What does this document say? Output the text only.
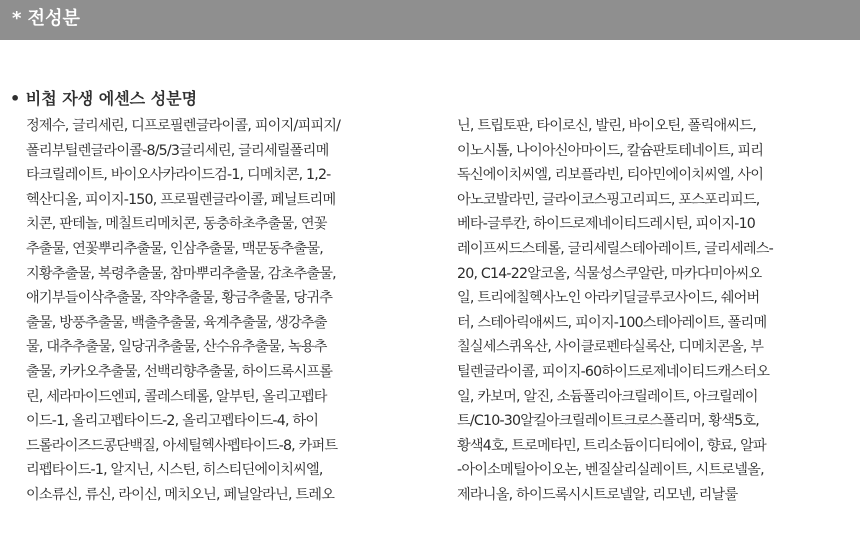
* 전성분
• 비첩 자생 에센스 성분명
정제수, 글리세린, 디프로필렌글라이콜, 피이지/피피지/
폴리부틸렌글라이콜-8/5/3글리세린, 글리세릴폴리메
타크릴레이트, 바이오사카라이드검-1, 디메치콘, 1,2-
헥산디올, 피이지-150, 프로필렌글라이콜, 페닐트리메
치콘, 판테놀, 메칠트리메치콘, 동충하초추출물, 연꽃
추출물, 연꽃뿌리추출물, 인삼추출물, 맥문동추출물,
지황추출물, 복령추출물, 참마뿌리추출물, 감초추출물,
애기부들이삭추출물, 작약추출물, 황금추출물, 당귀추
출물, 방풍추출물, 백출추출물, 육계추출물, 생강추출
물, 대추추출물, 일당귀추출물, 산수유추출물, 녹용추
출물, 카카오추출물, 선백리향추출물, 하이드록시프롤
린, 세라마이드엔피, 콜레스테롤, 알부틴, 올리고펩타
이드-1, 올리고펩타이드-2, 올리고펩타이드-4, 하이
드롤라이즈드콩단백질, 아세틸헥사펩타이드-8, 카퍼트
리펩타이드-1, 알지닌, 시스틴, 히스티딘에이치씨엘,
이소류신, 류신, 라이신, 메치오닌, 페닐알라닌, 트레오
닌, 트립토판, 타이로신, 발린, 바이오틴, 폴릭애씨드,
이노시톨, 나이아신아마이드, 칼슘판토테네이트, 피리
독신에이치씨엘, 리보플라빈, 티아민에이치씨엘, 사이
아노코발라민, 글라이코스핑고리피드, 포스포리피드,
베타-글루칸, 하이드로제네이티드레시틴, 피이지-10
레이프씨드스테롤, 글리세릴스테아레이트, 글리세레스-
20, C14-22알코올, 식물성스쿠알란, 마카다미아씨오
일, 트리에칠헥사노인 아라키딜글루코사이드, 쉐어버
터, 스테아릭애씨드, 피이지-100스테아레이트, 폴리메
칠실세스퀴옥산, 사이클로펜타실록산, 디메치콘올, 부
틸렌글라이콜, 피이지-60하이드로제네이티드캐스터오
일, 카보머, 알진, 소듐폴리아크릴레이트, 아크릴레이
트/C10-30알킬아크릴레이트크로스폴리머, 황색5호,
황색4호, 트로메타민, 트리소듐이디티에이, 향료, 알파
-아이소메틸아이오논, 벤질살리실레이트, 시트로넬올,
제라니올, 하이드록시시트로넬알, 리모넨, 리날룰
